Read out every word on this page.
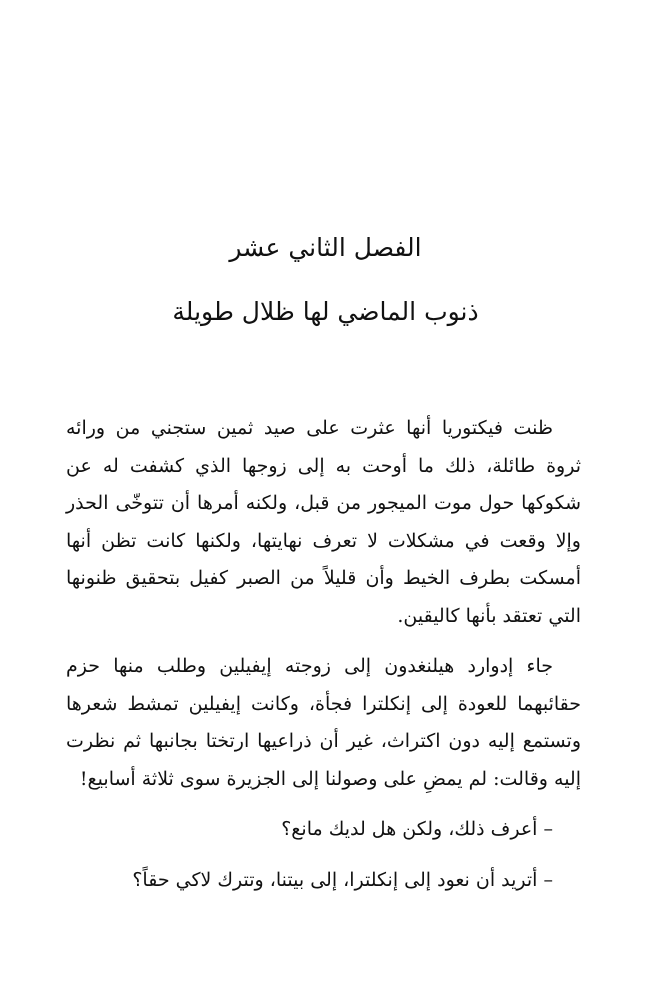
الفصل الثاني عشر
ذنوب الماضي لها ظلال طويلة

ظنت فيكتوريا أنها عثرت على صيد ثمين ستجني من ورائه ثروة طائلة، ذلك ما أوحت به إلى زوجها الذي كشفت له عن شكوكها حول موت الميجور من قبل، ولكنه أمرها أن تتوخّى الحذر وإلا وقعت في مشكلات لا تعرف نهايتها، ولكنها كانت تظن أنها أمسكت بطرف الخيط وأن قليلاً من الصبر كفيل بتحقيق ظنونها التي تعتقد بأنها كاليقين.

جاء إدوارد هيلنغدون إلى زوجته إيفيلين وطلب منها حزم حقائبهما للعودة إلى إنكلترا فجأة، وكانت إيفيلين تمشط شعرها وتستمع إليه دون اكتراث، غير أن ذراعيها ارتختا بجانبها ثم نظرت إليه وقالت: لم يمضِ على وصولنا إلى الجزيرة سوى ثلاثة أسابيع!

– أعرف ذلك، ولكن هل لديك مانع؟

– أتريد أن نعود إلى إنكلترا، إلى بيتنا، وتترك لاكي حقاً؟
